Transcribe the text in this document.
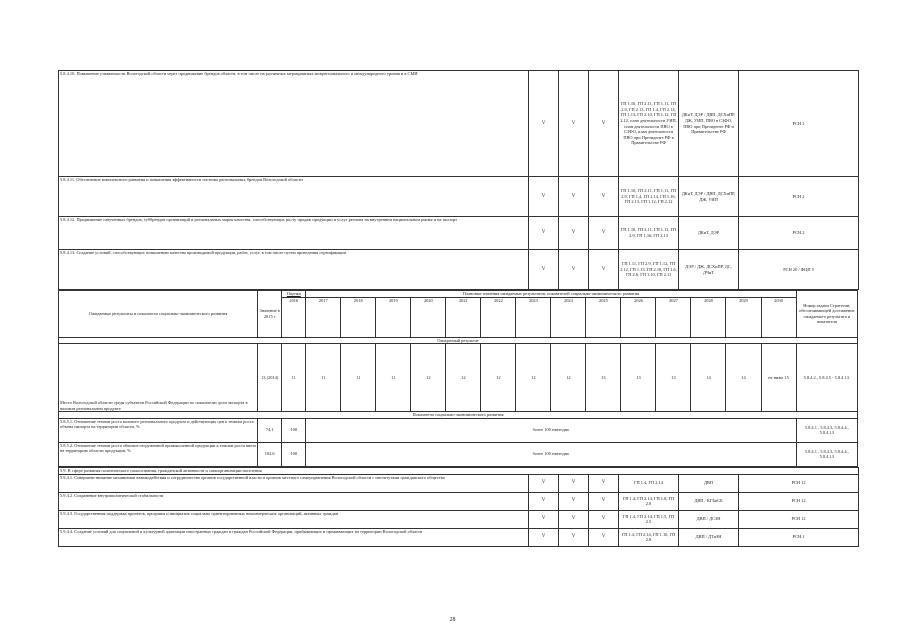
5.8.4.10. Повышение узнаваемости Вологодской области через продвижение брендов области, в том числе на различных мероприятиях межрегионального и международного уровня и в СМИ	V	V	V	ГП 1.10, ГП 2.11, ГП 1.11, ГП 2.9, ГП 2.13, ГП 1.4, ГП 2.14, ГП 1.13, ГП 2.10, ГП 1.12, ГП 2.12, план деятельности УИП, план деятельности ПВО в СЗФО, план деятельности ПВО при Президенте РФ в Правительстве РФ	ДКиТ, ДЭР / ДВП, ДСХиПР, ДЖ, УИП, ПВО в СЗФО, ПВО при Президенте РФ и Правительстве РФ	РСН 2
5.8.4.11. Обеспечение комплексного развития и повышения эффективности системы региональных брендов Вологодской области	V	V	V	ГП 1.10, ГП 2.11, ГП 1.11, ГП 2.9, ГП 1.4, ГП 2.14, ГП 1.16, ГП 2.13, ГП 1.12, ГП 2.12	ДКиТ, ДЭР / ДВП, ДСХиПР, ДЖ, УИП	РСН 2
5.8.4.12. Продвижение озвученных брендов, суббрендов организаций и региональных марок качества, способствующих росту продаж продукции и услуг региона на внутреннем национальном рынке и на экспорт	V	V	V	ГП 1.10, ГП 2.11, ГП 1.11, ГП 2.9, ГП 1.16, ГП 2.13	ДКиТ, ДЭР	РСН 2
5.8.4.13. Создание условий, способствующих повышению качества производимой продукции, работ, услуг, в том числе путем проведения сертификации	V	V	V	ГП 1.11, ГП 2.9, ГП 1.12, ГП 2.12, ГП 1.13, ГП 2.10, ГП 1.6, ГП 2.6, ГП 1.10, ГП 2.11	ДЭР / ДЖ, ДСХиПР, ДС, ДЧиТ	РСН 20 / ФЦП 5
Ожидаемые результаты и показатели социально-экономического развития	Значение в 2015 г	Оценка	Плановые значения ожидаемых результатов, показателей социально-экономического развития														Номер задачи Стратегии, обеспечивающей достижение ожидаемого результата и показателя
		2016	2017	2018	2019	2020	2021	2022	2023	2024	2025	2026	2027	2028	2029	2030	
Ожидаемый результат																	
Место Вологодской области среди субъектов Российской Федерации по показателю доли экспорта в валовом региональном продукте	13 (2014)	11	11	11	11	12	12	12	12	12	13	13	13	14	14	не ниже 15	5.8.4.2., 5.8.4.5 - 5.8.4.13.
Показатели социально-экономического развития																	
5.8.5.1. Отношение темпов роста валового регионального продукта и действующих цен к темпам роста объема импорта на территории области, %	74,1	100	более 100 ежегодно														5.8.4.1., 5.8.4.3, 5.8.4.4., 5.8.4.13
5.8.5.2. Отношение темпов роста объемов отгруженной промышленной продукции к темпам роста ввоза на территорию области продукции, %	102,6	100	более 100 ежегодно														5.8.4.1., 5.8.4.3, 5.8.4.4., 5.8.4.13
5.9. В сфере развития политического самосознания, гражданской активности и самоорганизации населения						
5.9.4.1. Совершенствование механизмов взаимодействия и сотрудничества органов государственной власти и органов местного самоуправления Вологодской области с институтами гражданского общества	V	V	V	ГП 1.4, ГП 2.14	ДВП	РСН 12
5.9.4.2. Сохранение внутриполитической стабильности	V	V	V	ГП 1.4, ГП 2.14, ГП 1.8, ГП 2.8	ДВП / КГБиСБ	РСН 12
5.9.4.3. Государственная поддержка проектов, программ и инициатив социально ориентированных некоммерческих организаций, активных граждан	V	V	V	ГП 1.4, ГП 2.14, ГП 1.5, ГП 2.5	ДВП / ДСЗН	РСН 12
5.9.4.4. Создание условий для социальной и культурной адаптации иностранных граждан и граждан Российской Федерации, прибывающих и проживающих на территории Вологодской области	V	V	V	ГП 1.4, ГП 2.14, ГП 1.10, ГП 2.8	ДВП / ДТиЗН	РСН 1
28
